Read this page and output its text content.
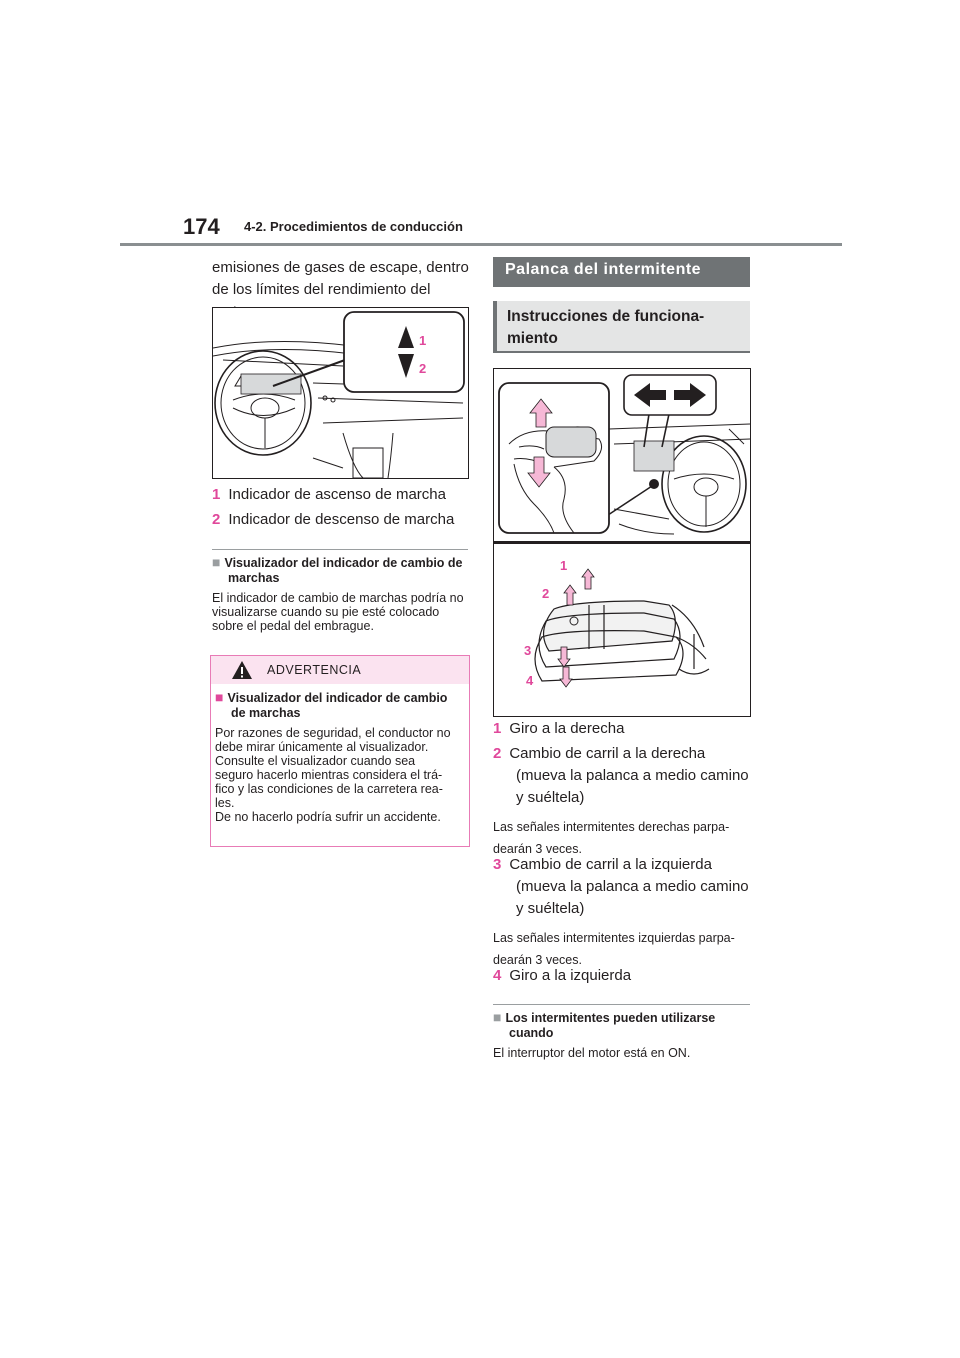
174 4-2. Procedimientos de conducción
emisiones de gases de escape, dentro
de los límites del rendimiento del
1
2
1 Indicador de ascenso de marcha
2 Indicador de descenso de marcha
■ Visualizador del indicador de cambio de
marchas
El indicador de cambio de marchas podría no
visualizarse cuando su pie esté colocado
sobre el pedal del embrague.
ADVERTENCIA
■ Visualizador del indicador de cambio
de marchas
Por razones de seguridad, el conductor no
debe mirar únicamente al visualizador.
Consulte el visualizador cuando sea
seguro hacerlo mientras considera el trá-
fico y las condiciones de la carretera rea-
les.
De no hacerlo podría sufrir un accidente.
Palanca del intermitente
Instrucciones de funciona-
miento
1
2
3
4
1 Giro a la derecha
2 Cambio de carril a la derecha
(mueva la palanca a medio camino
y suéltela)
Las señales intermitentes derechas parpa-
dearán 3 veces.
3 Cambio de carril a la izquierda
(mueva la palanca a medio camino
y suéltela)
Las señales intermitentes izquierdas parpa-
dearán 3 veces.
4 Giro a la izquierda
■ Los intermitentes pueden utilizarse
cuando
El interruptor del motor está en ON.
